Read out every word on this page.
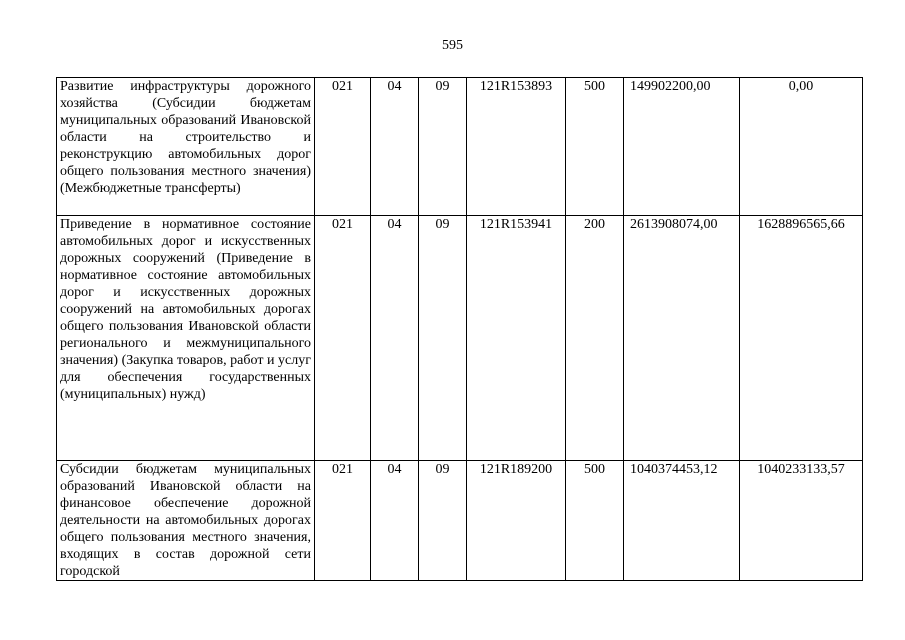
595
Развитие инфраструктуры дорожного хозяйства (Субсидии бюджетам муниципальных образований Ивановской области на строительство и реконструкцию автомобильных дорог общего пользования местного значения) (Межбюджетные трансферты)	021	04	09	121R153893	500	149902200,00	0,00
Приведение в нормативное состояние автомобильных дорог и искусственных дорожных сооружений (Приведение в нормативное состояние автомобильных дорог и искусственных дорожных сооружений на автомобильных дорогах общего пользования Ивановской области регионального и межмуниципального значения) (Закупка товаров, работ и услуг для обеспечения государственных (муниципальных) нужд)	021	04	09	121R153941	200	2613908074,00	1628896565,66
Субсидии бюджетам муниципальных образований Ивановской области на финансовое обеспечение дорожной деятельности на автомобильных дорогах общего пользования местного значения, входящих в состав дорожной сети городской	021	04	09	121R189200	500	1040374453,12	1040233133,57
